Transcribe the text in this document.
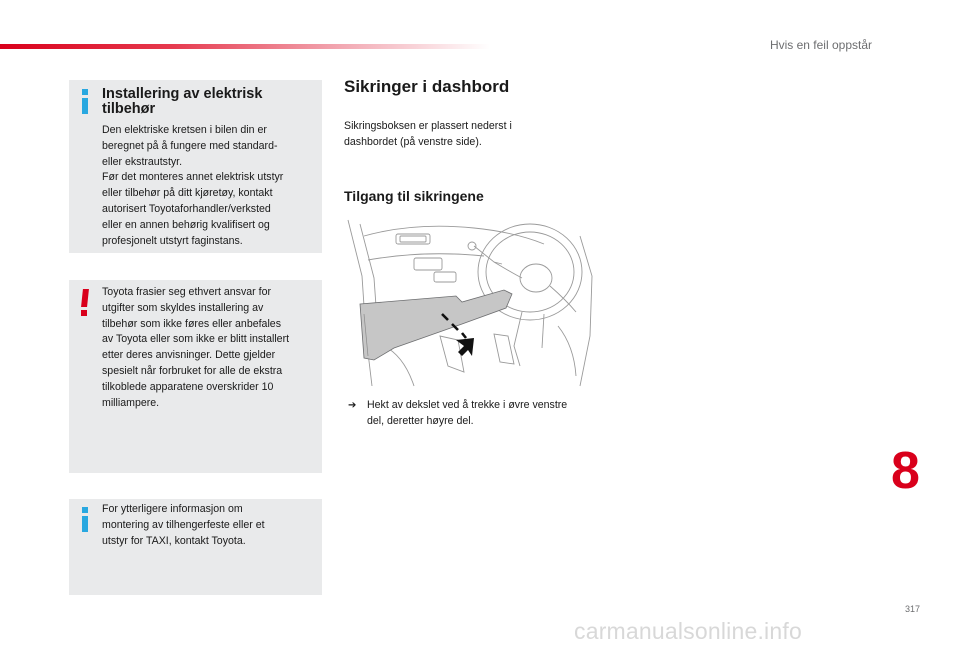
Hvis en feil oppstår
Installering av elektrisk tilbehør
Den elektriske kretsen i bilen din er
beregnet på å fungere med standard-
eller ekstrautstyr.
Før det monteres annet elektrisk utstyr
eller tilbehør på ditt kjøretøy, kontakt
autorisert Toyotaforhandler/verksted
eller en annen behørig kvalifisert og
profesjonelt utstyrt faginstans.
Toyota frasier seg ethvert ansvar for
utgifter som skyldes installering av
tilbehør som ikke føres eller anbefales
av Toyota eller som ikke er blitt installert
etter deres anvisninger. Dette gjelder
spesielt når forbruket for alle de ekstra
tilkoblede apparatene overskrider 10
milliampere.
For ytterligere informasjon om
montering av tilhengerfeste eller et
utstyr for TAXI, kontakt Toyota.
Sikringer i dashbord
Sikringsboksen er plassert nederst i
dashbordet (på venstre side).
Tilgang til sikringene
➔ Hekt av dekslet ved å trekke i øvre venstre
del, deretter høyre del.
8
317
carmanualsonline.info
